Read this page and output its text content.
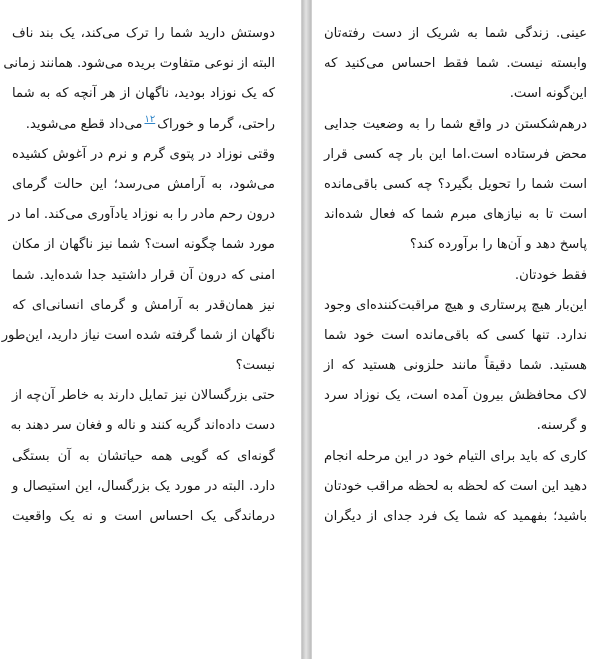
دوستش دارید شما را ترک می‌کند، یک بند ناف
البته از نوعی متفاوت بریده می‌شود. همانند زمانی
که یک نوزاد بودید، ناگهان از هر آنچه که به شما
راحتی، گرما و خوراک$^{۱۲}$می‌داد قطع می‌شوید.
وقتی نوزاد در پتوی گرم و نرم در آغوش کشیده
می‌شود، به آرامش می‌رسد؛ این حالت گرمای
درون رحم مادر را به نوزاد یادآوری می‌کند. اما در
مورد شما چگونه است؟ شما نیز ناگهان از مکان
امنی که درون آن قرار داشتید جدا شده‌اید. شما
نیز همان‌قدر به آرامش و گرمای انسانی‌ای که
ناگهان از شما گرفته شده است نیاز دارید، این‌طور
نیست؟
حتی بزرگسالان نیز تمایل دارند به خاطر آن‌چه از
دست داده‌اند گریه کنند و ناله و فغان سر دهند به
گونه‌ای که گویی همه حیاتشان به آن بستگی
دارد. البته در مورد یک بزرگسال، این استیصال و
درماندگی یک احساس است و نه یک واقعیت
عینی. زندگی شما به شریک از دست رفته‌تان
وابسته نیست. شما فقط احساس می‌کنید که
این‌گونه است.
درهم‌شکستن در واقع شما را به وضعیت جدایی
محض فرستاده است.اما این بار چه کسی قرار
است شما را تحویل بگیرد؟ چه کسی باقی‌مانده
است تا به نیازهای مبرم شما که فعال شده‌اند
پاسخ دهد و آن‌ها را برآورده کند؟
فقط خودتان.
این‌بار هیچ پرستاری و هیچ مراقبت‌کننده‌ای وجود
ندارد. تنها کسی که باقی‌مانده است خود شما
هستید. شما دقیقاً مانند حلزونی هستید که از
لاک محافظش بیرون آمده است، یک نوزاد سرد
و گرسنه.
کاری که باید برای التیام خود در این مرحله انجام
دهید این است که لحظه به لحظه مراقب خودتان
باشید؛ بفهمید که شما یک فرد جدای از دیگران
